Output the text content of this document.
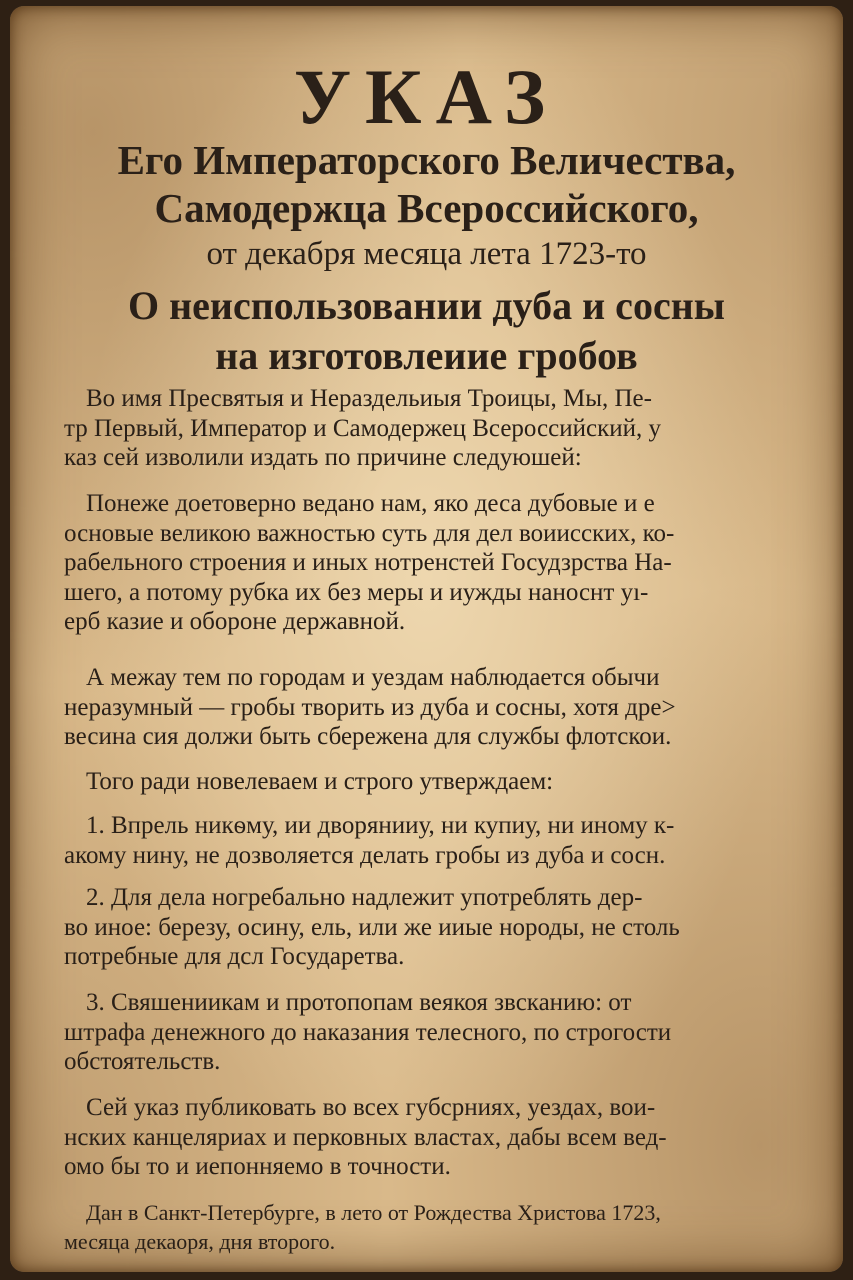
УКАЗ
Его Императорского Величества,
Самодержца Всероссийского,
от декабря месяца лета 1723-то
О неиспользовании дуба и сосны
на изготовлеиие гробов

Во имя Пресвятыя и Нераздельиыя Троицы, Мы, Пе-
тр Первый, Император и Самодержец Всероссийский, у
каз сей изволили издать по причине следуюшей:

Понеже доетоверно ведано нам, яко деса дубовые и е
основые великою важностью суть для дел воиисских, ко-
рабельного строения и иных нотренстей Госудзрства На-
шего, а потому рубка их без меры и иужды наноснт уı-
ерб казие и обороне державной.

А межау тем по городам и уездам наблюдается обычи
неразумный — гробы творить из дуба и сосны, хотя дре>
весина сия должи быть сбережена для службы флотскои.

Того ради новелеваем и строго утверждаем:

1. Впрель никѳму, ии дворянииу, ни купиу, ни иному к-
акому нину, не дозволяется делать гробы из дуба и сосн.

2. Для дела ногребально надлежит употреблять дер-
во иное: березу, осину, ель, или же ииые нороды, не столь
потребные для дсл Государетва.

3. Свяшениикам и протопопам веякоя звсканию: от
штрафа денежного до наказания телесного, по строгости
обстоятельств.

Сей указ публиковать во всех губсрниях, уездах, вои-
нских канцеляриах и перковных властах, дабы всем вед-
омо бы то и иепонняемо в точности.

Дан в Санкт-Петербурге, в лето от Рождества Христова 1723,
месяца декаоря, дня второго.
